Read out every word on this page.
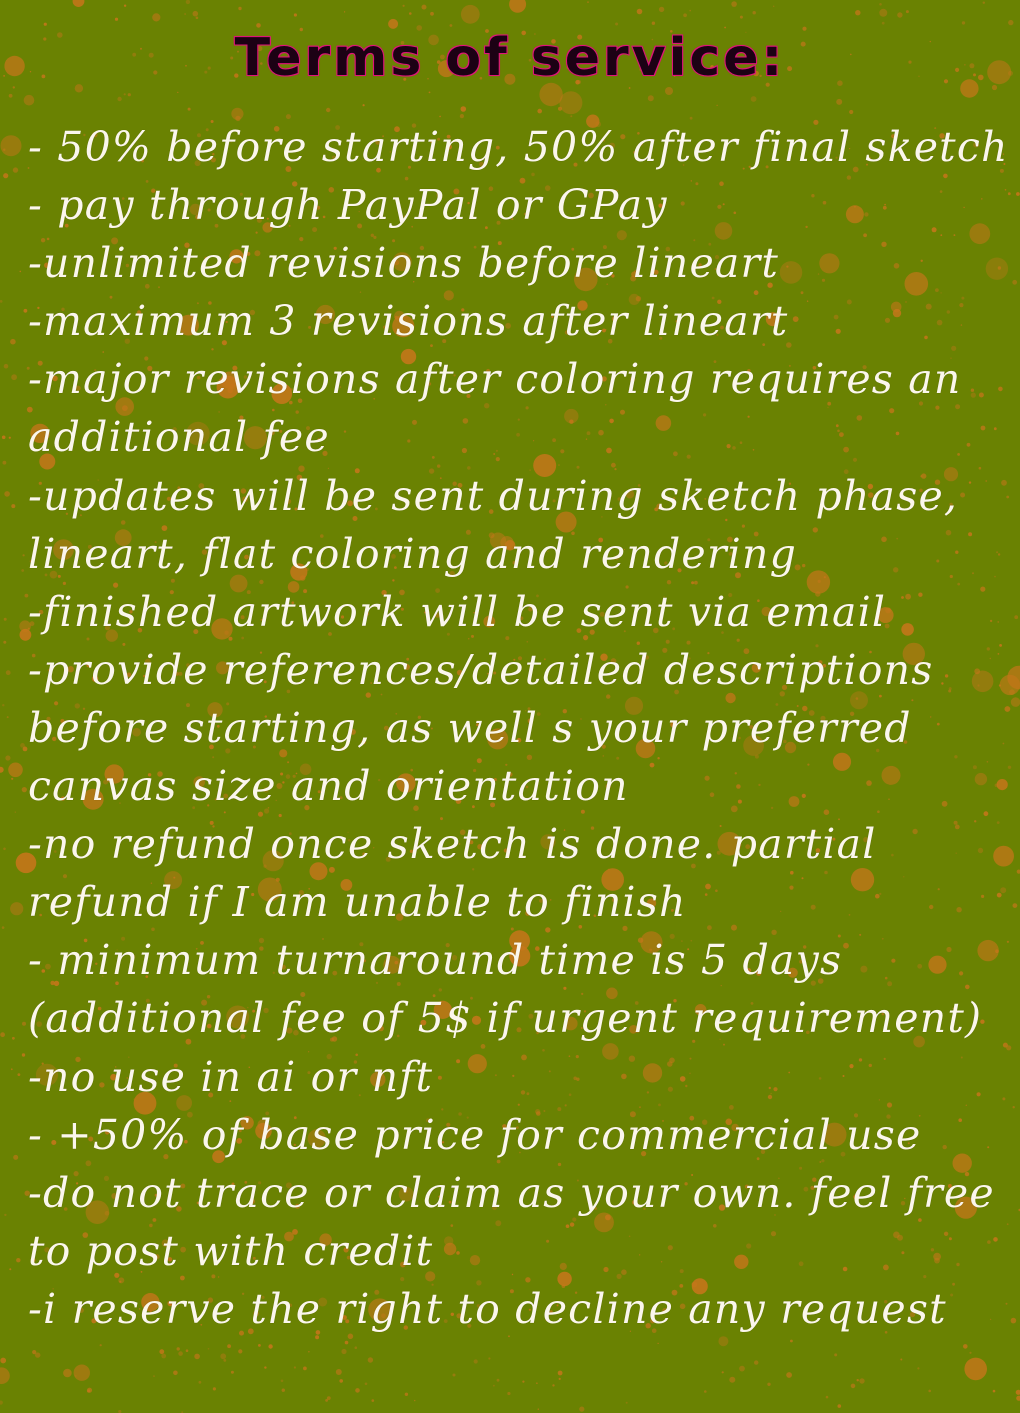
Terms of service:
- 50% before starting, 50% after final sketch
- pay through PayPal or GPay
-unlimited revisions before lineart
-maximum 3 revisions after lineart
-major revisions after coloring requires an
additional fee
-updates will be sent during sketch phase,
lineart, flat coloring and rendering
-finished artwork will be sent via email
-provide references/detailed descriptions
before starting, as well s your preferred
canvas size and orientation
-no refund once sketch is done. partial
refund if I am unable to finish
- minimum turnaround time is 5 days
(additional fee of 5$ if urgent requirement)
-no use in ai or nft
- +50% of base price for commercial use
-do not trace or claim as your own. feel free
to post with credit
-i reserve the right to decline any request
